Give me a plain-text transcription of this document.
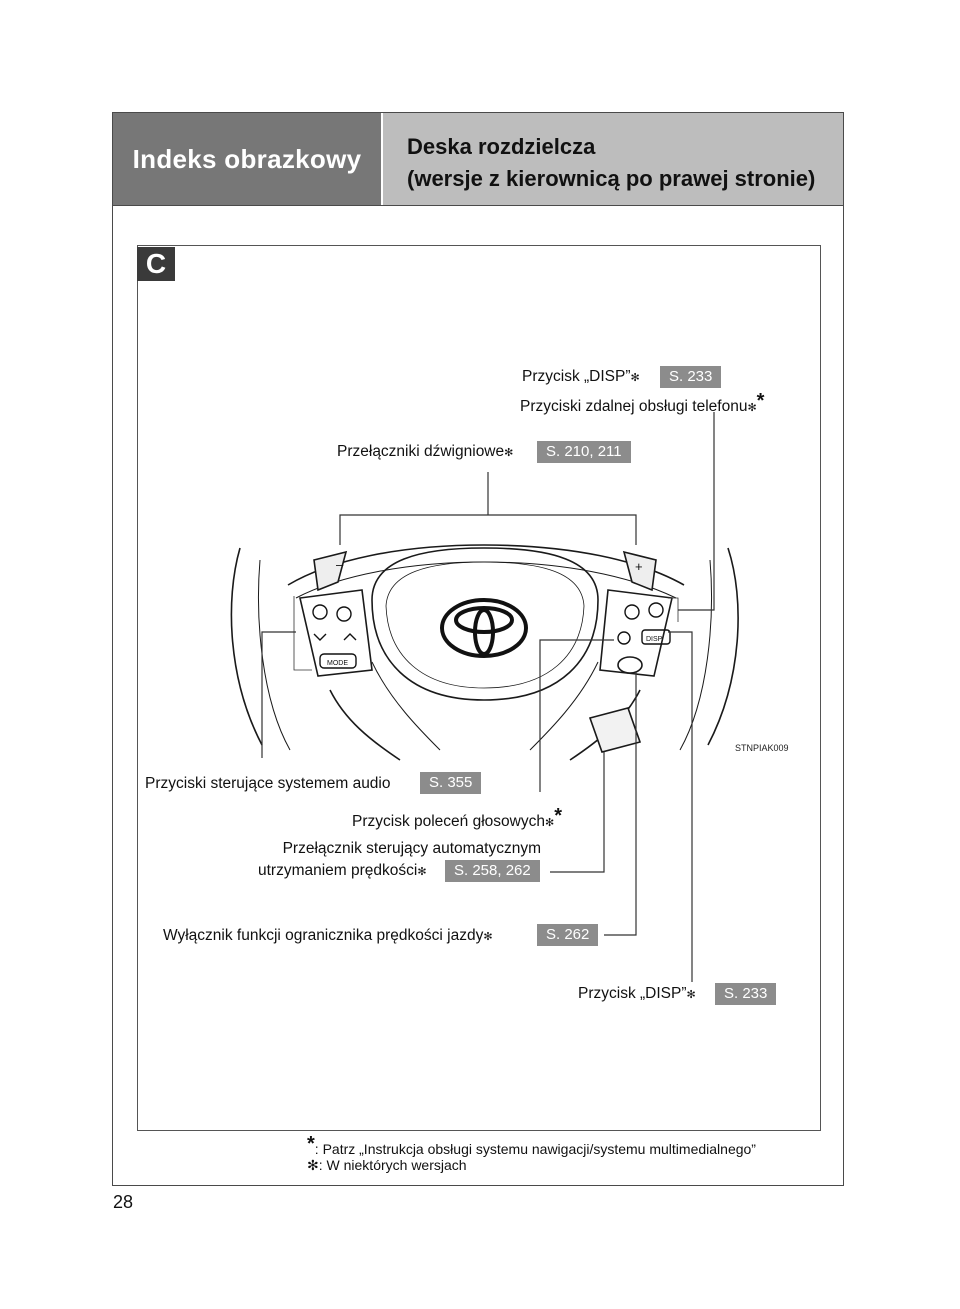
Indeks obrazkowy	Deska rozdzielcza
(wersje z kierownicą po prawej stronie)
C
–	+
MODE
DISP
STNPIAK009
Przycisk „DISP”✻	S. 233
Przyciski zdalnej obsługi telefonu✻*
Przełączniki dźwigniowe✻	S. 210, 211
Przyciski sterujące systemem audio	S. 355
Przycisk poleceń głosowych✻*
Przełącznik sterujący automatycznym
utrzymaniem prędkości✻	S. 258, 262
Wyłącznik funkcji ogranicznika prędkości jazdy✻	S. 262
Przycisk „DISP”✻	S. 233
*: Patrz „Instrukcja obsługi systemu nawigacji/systemu multimedialnego”
✻: W niektórych wersjach
28
